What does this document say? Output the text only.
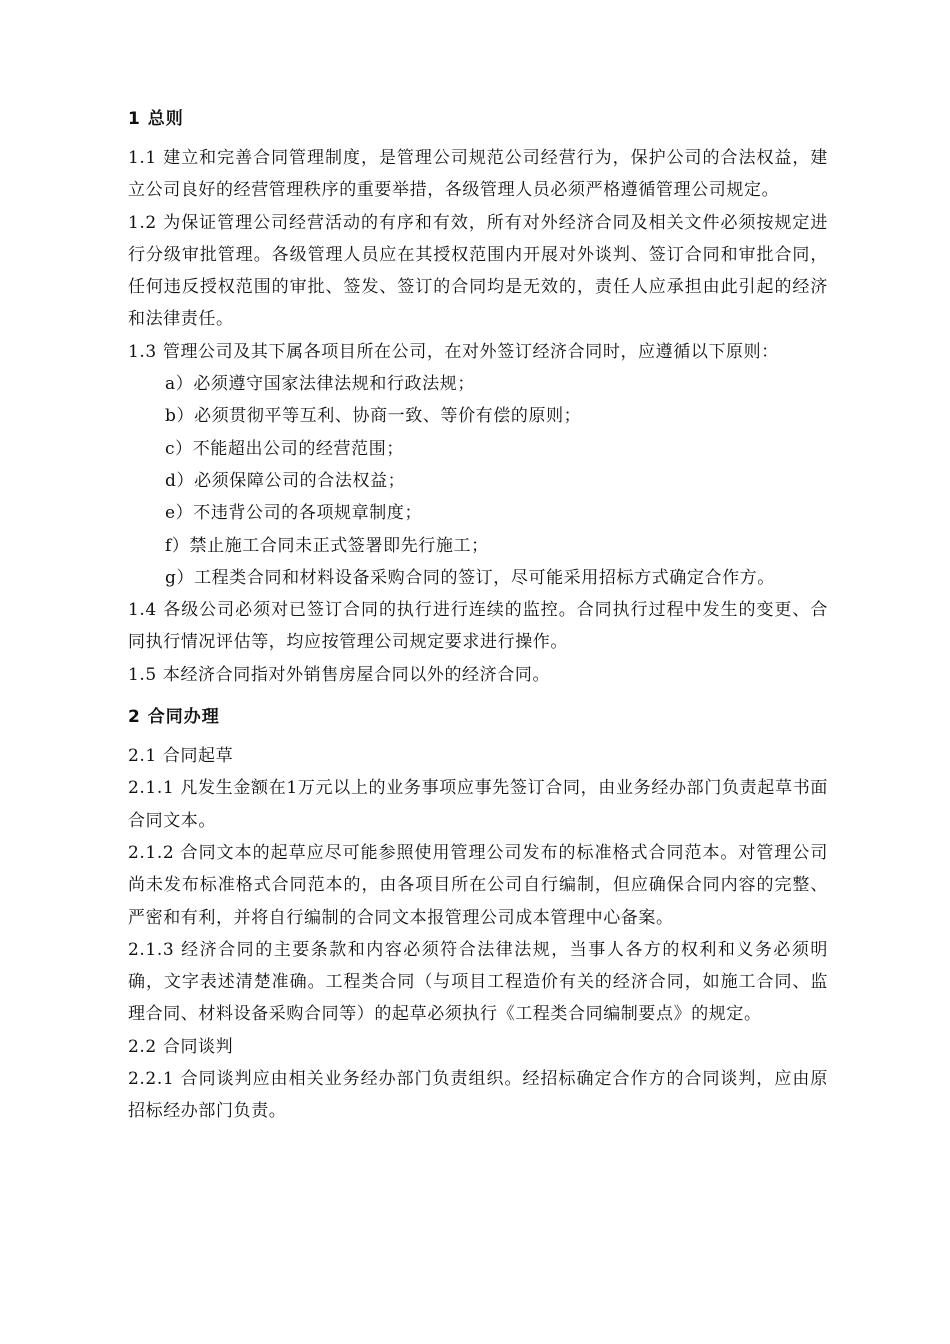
1 总则
1.1 建立和完善合同管理制度，是管理公司规范公司经营行为，保护公司的合法权益，建立公司良好的经营管理秩序的重要举措，各级管理人员必须严格遵循管理公司规定。
1.2 为保证管理公司经营活动的有序和有效，所有对外经济合同及相关文件必须按规定进行分级审批管理。各级管理人员应在其授权范围内开展对外谈判、签订合同和审批合同，任何违反授权范围的审批、签发、签订的合同均是无效的，责任人应承担由此引起的经济和法律责任。
1.3 管理公司及其下属各项目所在公司，在对外签订经济合同时，应遵循以下原则：
a）必须遵守国家法律法规和行政法规；
b）必须贯彻平等互利、协商一致、等价有偿的原则；
c）不能超出公司的经营范围；
d）必须保障公司的合法权益；
e）不违背公司的各项规章制度；
f）禁止施工合同未正式签署即先行施工；
g）工程类合同和材料设备采购合同的签订，尽可能采用招标方式确定合作方。
1.4 各级公司必须对已签订合同的执行进行连续的监控。合同执行过程中发生的变更、合同执行情况评估等，均应按管理公司规定要求进行操作。
1.5 本经济合同指对外销售房屋合同以外的经济合同。
2 合同办理
2.1 合同起草
2.1.1 凡发生金额在1万元以上的业务事项应事先签订合同，由业务经办部门负责起草书面合同文本。
2.1.2 合同文本的起草应尽可能参照使用管理公司发布的标准格式合同范本。对管理公司尚未发布标准格式合同范本的，由各项目所在公司自行编制，但应确保合同内容的完整、严密和有利，并将自行编制的合同文本报管理公司成本管理中心备案。
2.1.3 经济合同的主要条款和内容必须符合法律法规，当事人各方的权利和义务必须明确，文字表述清楚准确。工程类合同（与项目工程造价有关的经济合同，如施工合同、监理合同、材料设备采购合同等）的起草必须执行《工程类合同编制要点》的规定。
2.2 合同谈判
2.2.1 合同谈判应由相关业务经办部门负责组织。经招标确定合作方的合同谈判，应由原招标经办部门负责。
